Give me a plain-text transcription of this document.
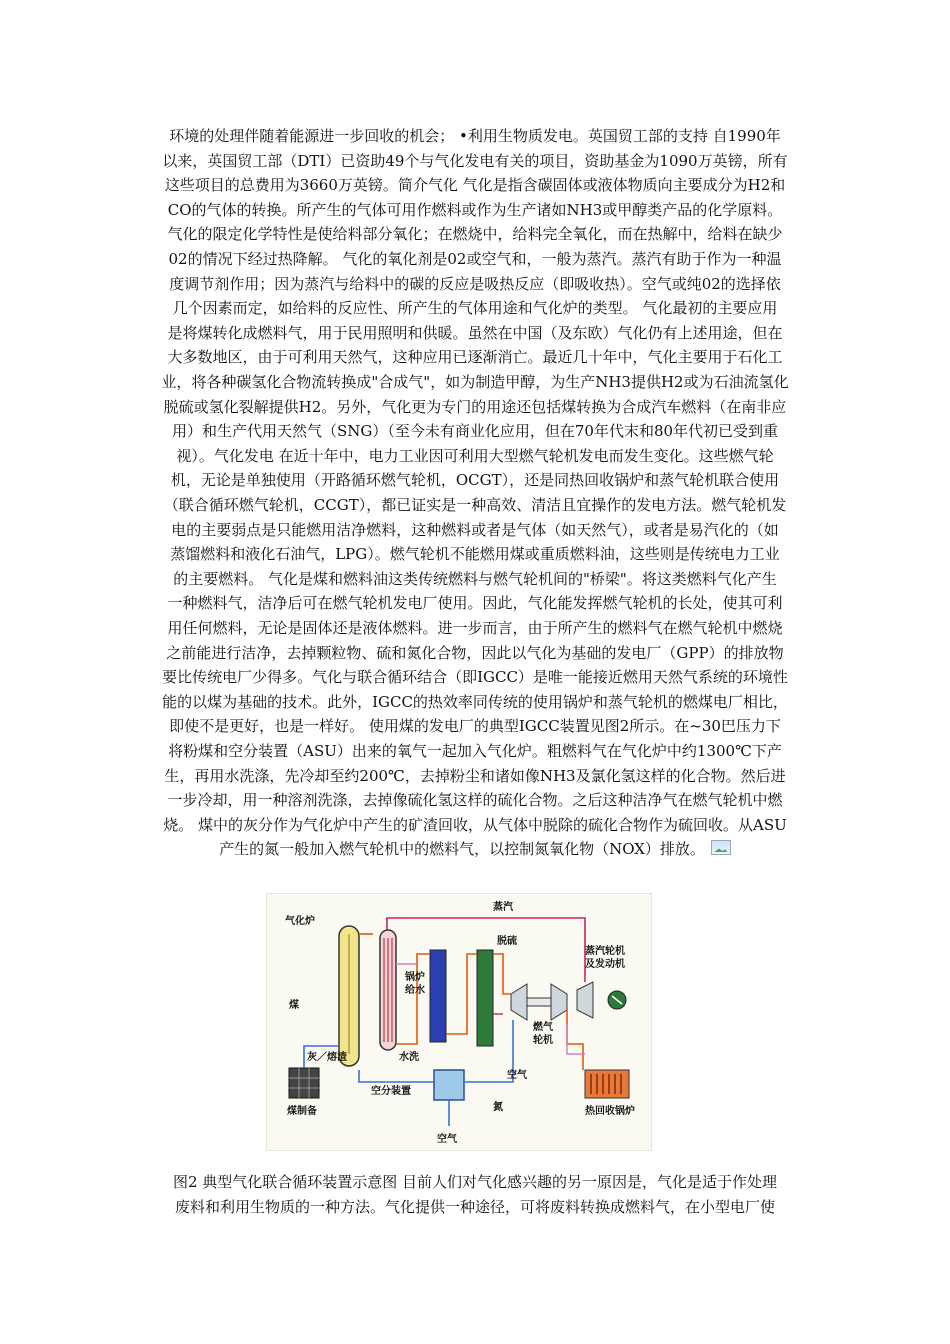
环境的处理伴随着能源进一步回收的机会； •利用生物质发电。英国贸工部的支持 自1990年
以来，英国贸工部（DTI）已资助49个与气化发电有关的项目，资助基金为1090万英镑，所有
这些项目的总费用为3660万英镑。简介气化 气化是指含碳固体或液体物质向主要成分为H2和
CO的气体的转换。所产生的气体可用作燃料或作为生产诸如NH3或甲醇类产品的化学原料。
气化的限定化学特性是使给料部分氧化；在燃烧中，给料完全氧化，而在热解中，给料在缺少
02的情况下经过热降解。 气化的氧化剂是02或空气和，一般为蒸汽。蒸汽有助于作为一种温
度调节剂作用；因为蒸汽与给料中的碳的反应是吸热反应（即吸收热）。空气或纯02的选择依
几个因素而定，如给料的反应性、所产生的气体用途和气化炉的类型。 气化最初的主要应用
是将煤转化成燃料气，用于民用照明和供暖。虽然在中国（及东欧）气化仍有上述用途，但在
大多数地区，由于可利用天然气，这种应用已逐渐消亡。最近几十年中，气化主要用于石化工
业，将各种碳氢化合物流转换成"合成气"，如为制造甲醇，为生产NH3提供H2或为石油流氢化
脱硫或氢化裂解提供H2。另外，气化更为专门的用途还包括煤转换为合成汽车燃料（在南非应
用）和生产代用天然气（SNG）（至今未有商业化应用，但在70年代末和80年代初已受到重
视）。气化发电 在近十年中，电力工业因可利用大型燃气轮机发电而发生变化。这些燃气轮
机，无论是单独使用（开路循环燃气轮机，OCGT），还是同热回收锅炉和蒸气轮机联合使用
（联合循环燃气轮机，CCGT），都已证实是一种高效、清洁且宜操作的发电方法。燃气轮机发
电的主要弱点是只能燃用洁净燃料，这种燃料或者是气体（如天然气），或者是易汽化的（如
蒸馏燃料和液化石油气，LPG）。燃气轮机不能燃用煤或重质燃料油，这些则是传统电力工业
的主要燃料。 气化是煤和燃料油这类传统燃料与燃气轮机间的"桥梁"。将这类燃料气化产生
一种燃料气，洁净后可在燃气轮机发电厂使用。因此，气化能发挥燃气轮机的长处，使其可利
用任何燃料，无论是固体还是液体燃料。进一步而言，由于所产生的燃料气在燃气轮机中燃烧
之前能进行洁净，去掉颗粒物、硫和氮化合物，因此以气化为基础的发电厂（GPP）的排放物
要比传统电厂少得多。气化与联合循环结合（即IGCC）是唯一能接近燃用天然气系统的环境性
能的以煤为基础的技术。此外，IGCC的热效率同传统的使用锅炉和蒸气轮机的燃煤电厂相比，
即使不是更好，也是一样好。 使用煤的发电厂的典型IGCC装置见图2所示。在~30巴压力下
将粉煤和空分装置（ASU）出来的氧气一起加入气化炉。粗燃料气在气化炉中约1300℃下产
生，再用水洗涤，先冷却至约200℃，去掉粉尘和诸如像NH3及氯化氢这样的化合物。然后进
一步冷却，用一种溶剂洗涤，去掉像硫化氢这样的硫化合物。之后这种洁净气在燃气轮机中燃
烧。 煤中的灰分作为气化炉中产生的矿渣回收，从气体中脱除的硫化合物作为硫回收。从ASU
产生的氮一般加入燃气轮机中的燃料气，以控制氮氧化物（NOX）排放。
气化炉
蒸汽
锅炉
给水
脱硫
蒸汽轮机
及发动机
煤
灰／熔渣	水洗
燃气
轮机
空气
煤制备
空分装置
氮	热回收锅炉
空气
图2 典型气化联合循环装置示意图 目前人们对气化感兴趣的另一原因是，气化是适于作处理
废料和利用生物质的一种方法。气化提供一种途径，可将废料转换成燃料气，在小型电厂使
